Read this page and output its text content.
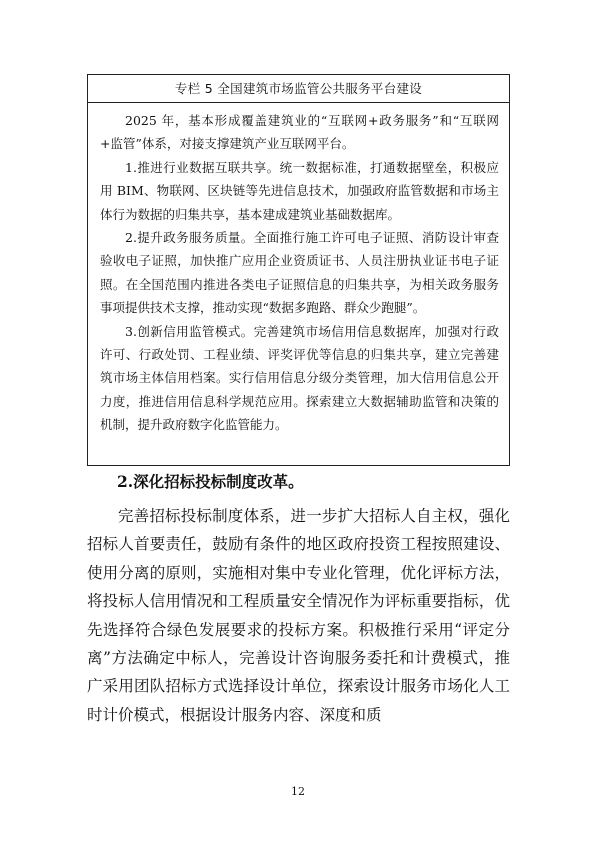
专栏 5 全国建筑市场监管公共服务平台建设

2025 年，基本形成覆盖建筑业的“互联网+政务服务”和“互联网+监管”体系，对接支撑建筑产业互联网平台。

1.推进行业数据互联共享。统一数据标准，打通数据壁垒，积极应用 BIM、物联网、区块链等先进信息技术，加强政府监管数据和市场主体行为数据的归集共享，基本建成建筑业基础数据库。

2.提升政务服务质量。全面推行施工许可电子证照、消防设计审查验收电子证照，加快推广应用企业资质证书、人员注册执业证书电子证照。在全国范围内推进各类电子证照信息的归集共享，为相关政务服务事项提供技术支撑，推动实现“数据多跑路、群众少跑腿”。

3.创新信用监管模式。完善建筑市场信用信息数据库，加强对行政许可、行政处罚、工程业绩、评奖评优等信息的归集共享，建立完善建筑市场主体信用档案。实行信用信息分级分类管理，加大信用信息公开力度，推进信用信息科学规范应用。探索建立大数据辅助监管和决策的机制，提升政府数字化监管能力。

2.深化招标投标制度改革。

完善招标投标制度体系，进一步扩大招标人自主权，强化招标人首要责任，鼓励有条件的地区政府投资工程按照建设、使用分离的原则，实施相对集中专业化管理，优化评标方法，将投标人信用情况和工程质量安全情况作为评标重要指标，优先选择符合绿色发展要求的投标方案。积极推行采用“评定分离”方法确定中标人，完善设计咨询服务委托和计费模式，推广采用团队招标方式选择设计单位，探索设计服务市场化人工时计价模式，根据设计服务内容、深度和质

12
